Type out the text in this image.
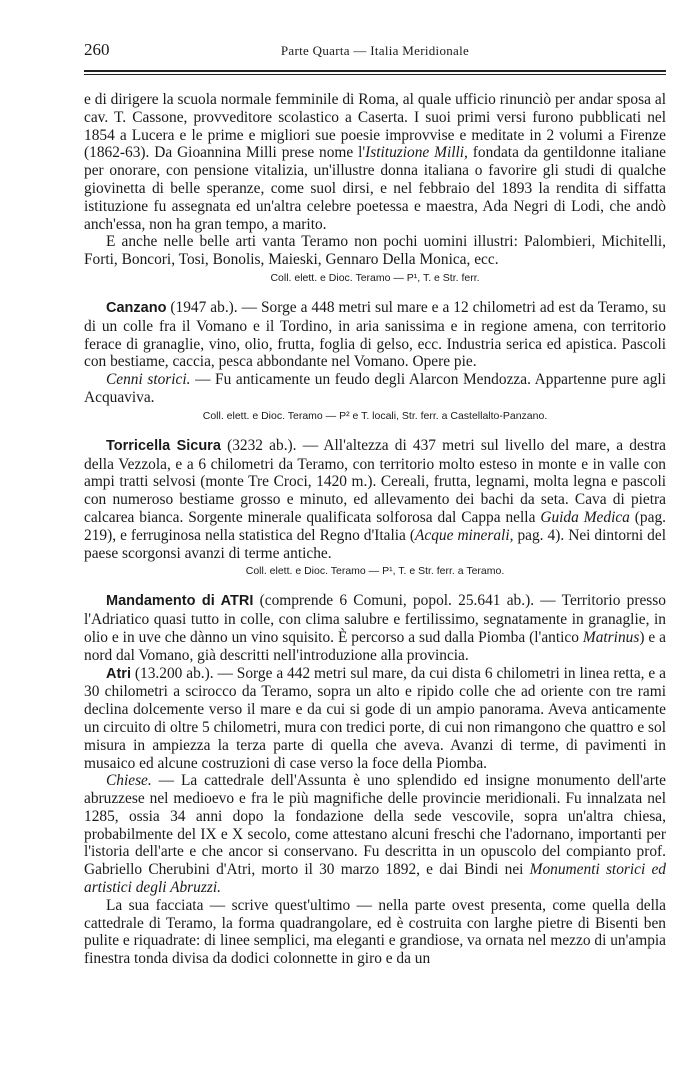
260	Parte Quarta — Italia Meridionale

e di dirigere la scuola normale femminile di Roma, al quale ufficio rinunciò per andar sposa al cav. T. Cassone, provveditore scolastico a Caserta. I suoi primi versi furono pubblicati nel 1854 a Lucera e le prime e migliori sue poesie improvvise e meditate in 2 volumi a Firenze (1862-63). Da Gioannina Milli prese nome l'Istituzione Milli, fondata da gentildonne italiane per onorare, con pensione vitalizia, un'illustre donna italiana o favorire gli studi di qualche giovinetta di belle speranze, come suol dirsi, e nel febbraio del 1893 la rendita di siffatta istituzione fu assegnata ed un'altra celebre poetessa e maestra, Ada Negri di Lodi, che andò anch'essa, non ha gran tempo, a marito.

E anche nelle belle arti vanta Teramo non pochi uomini illustri: Palombieri, Michitelli, Forti, Boncori, Tosi, Bonolis, Maieski, Gennaro Della Monica, ecc.

Coll. elett. e Dioc. Teramo — P¹, T. e Str. ferr.

Canzano (1947 ab.). — Sorge a 448 metri sul mare e a 12 chilometri ad est da Teramo, su di un colle fra il Vomano e il Tordino, in aria sanissima e in regione amena, con territorio ferace di granaglie, vino, olio, frutta, foglia di gelso, ecc. Industria serica ed apistica. Pascoli con bestiame, caccia, pesca abbondante nel Vomano. Opere pie.

Cenni storici. — Fu anticamente un feudo degli Alarcon Mendozza. Appartenne pure agli Acquaviva.

Coll. elett. e Dioc. Teramo — P² e T. locali, Str. ferr. a Castellalto-Panzano.

Torricella Sicura (3232 ab.). — All'altezza di 437 metri sul livello del mare, a destra della Vezzola, e a 6 chilometri da Teramo, con territorio molto esteso in monte e in valle con ampi tratti selvosi (monte Tre Croci, 1420 m.). Cereali, frutta, legnami, molta legna e pascoli con numeroso bestiame grosso e minuto, ed allevamento dei bachi da seta. Cava di pietra calcarea bianca. Sorgente minerale qualificata solforosa dal Cappa nella Guida Medica (pag. 219), e ferruginosa nella statistica del Regno d'Italia (Acque minerali, pag. 4). Nei dintorni del paese scorgonsi avanzi di terme antiche.

Coll. elett. e Dioc. Teramo — P¹, T. e Str. ferr. a Teramo.

Mandamento di ATRI (comprende 6 Comuni, popol. 25.641 ab.). — Territorio presso l'Adriatico quasi tutto in colle, con clima salubre e fertilissimo, segnatamente in granaglie, in olio e in uve che dànno un vino squisito. È percorso a sud dalla Piomba (l'antico Matrinus) e a nord dal Vomano, già descritti nell'introduzione alla provincia.

Atri (13.200 ab.). — Sorge a 442 metri sul mare, da cui dista 6 chilometri in linea retta, e a 30 chilometri a scirocco da Teramo, sopra un alto e ripido colle che ad oriente con tre rami declina dolcemente verso il mare e da cui si gode di un ampio panorama. Aveva anticamente un circuito di oltre 5 chilometri, mura con tredici porte, di cui non rimangono che quattro e sol misura in ampiezza la terza parte di quella che aveva. Avanzi di terme, di pavimenti in musaico ed alcune costruzioni di case verso la foce della Piomba.

Chiese. — La cattedrale dell'Assunta è uno splendido ed insigne monumento dell'arte abruzzese nel medioevo e fra le più magnifiche delle provincie meridionali. Fu innalzata nel 1285, ossia 34 anni dopo la fondazione della sede vescovile, sopra un'altra chiesa, probabilmente del IX e X secolo, come attestano alcuni freschi che l'adornano, importanti per l'istoria dell'arte e che ancor si conservano. Fu descritta in un opuscolo del compianto prof. Gabriello Cherubini d'Atri, morto il 30 marzo 1892, e dai Bindi nei Monumenti storici ed artistici degli Abruzzi.

La sua facciata — scrive quest'ultimo — nella parte ovest presenta, come quella della cattedrale di Teramo, la forma quadrangolare, ed è costruita con larghe pietre di Bisenti ben pulite e riquadrate: di linee semplici, ma eleganti e grandiose, va ornata nel mezzo di un'ampia finestra tonda divisa da dodici colonnette in giro e da un
